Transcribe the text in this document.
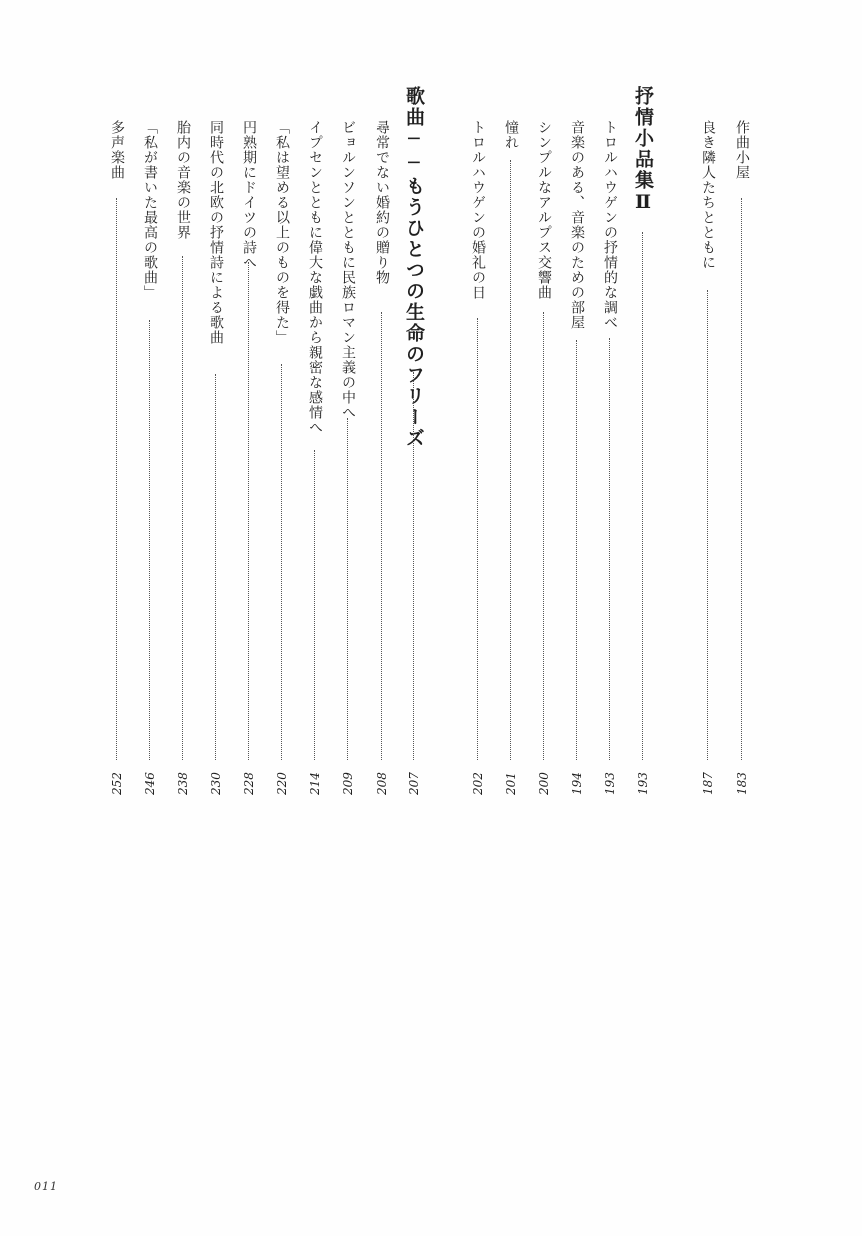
作曲小屋
183
良き隣人たちとともに
187
抒情小品集Ⅱ
193
トロルハウゲンの抒情的な調べ
193
音楽のある、音楽のための部屋
194
シンプルなアルプス交響曲
200
憧れ
201
トロルハウゲンの婚礼の日
202
歌曲──もうひとつの生命のフリーズ
207
尋常でない婚約の贈り物
208
ビョルンソンとともに民族ロマン主義の中へ
209
イプセンとともに偉大な戯曲から親密な感情へ
214
「私は望める以上のものを得た」
220
円熟期にドイツの詩へ
228
同時代の北欧の抒情詩による歌曲
230
胎内の音楽の世界
238
「私が書いた最高の歌曲」
246
多声楽曲
252
011
